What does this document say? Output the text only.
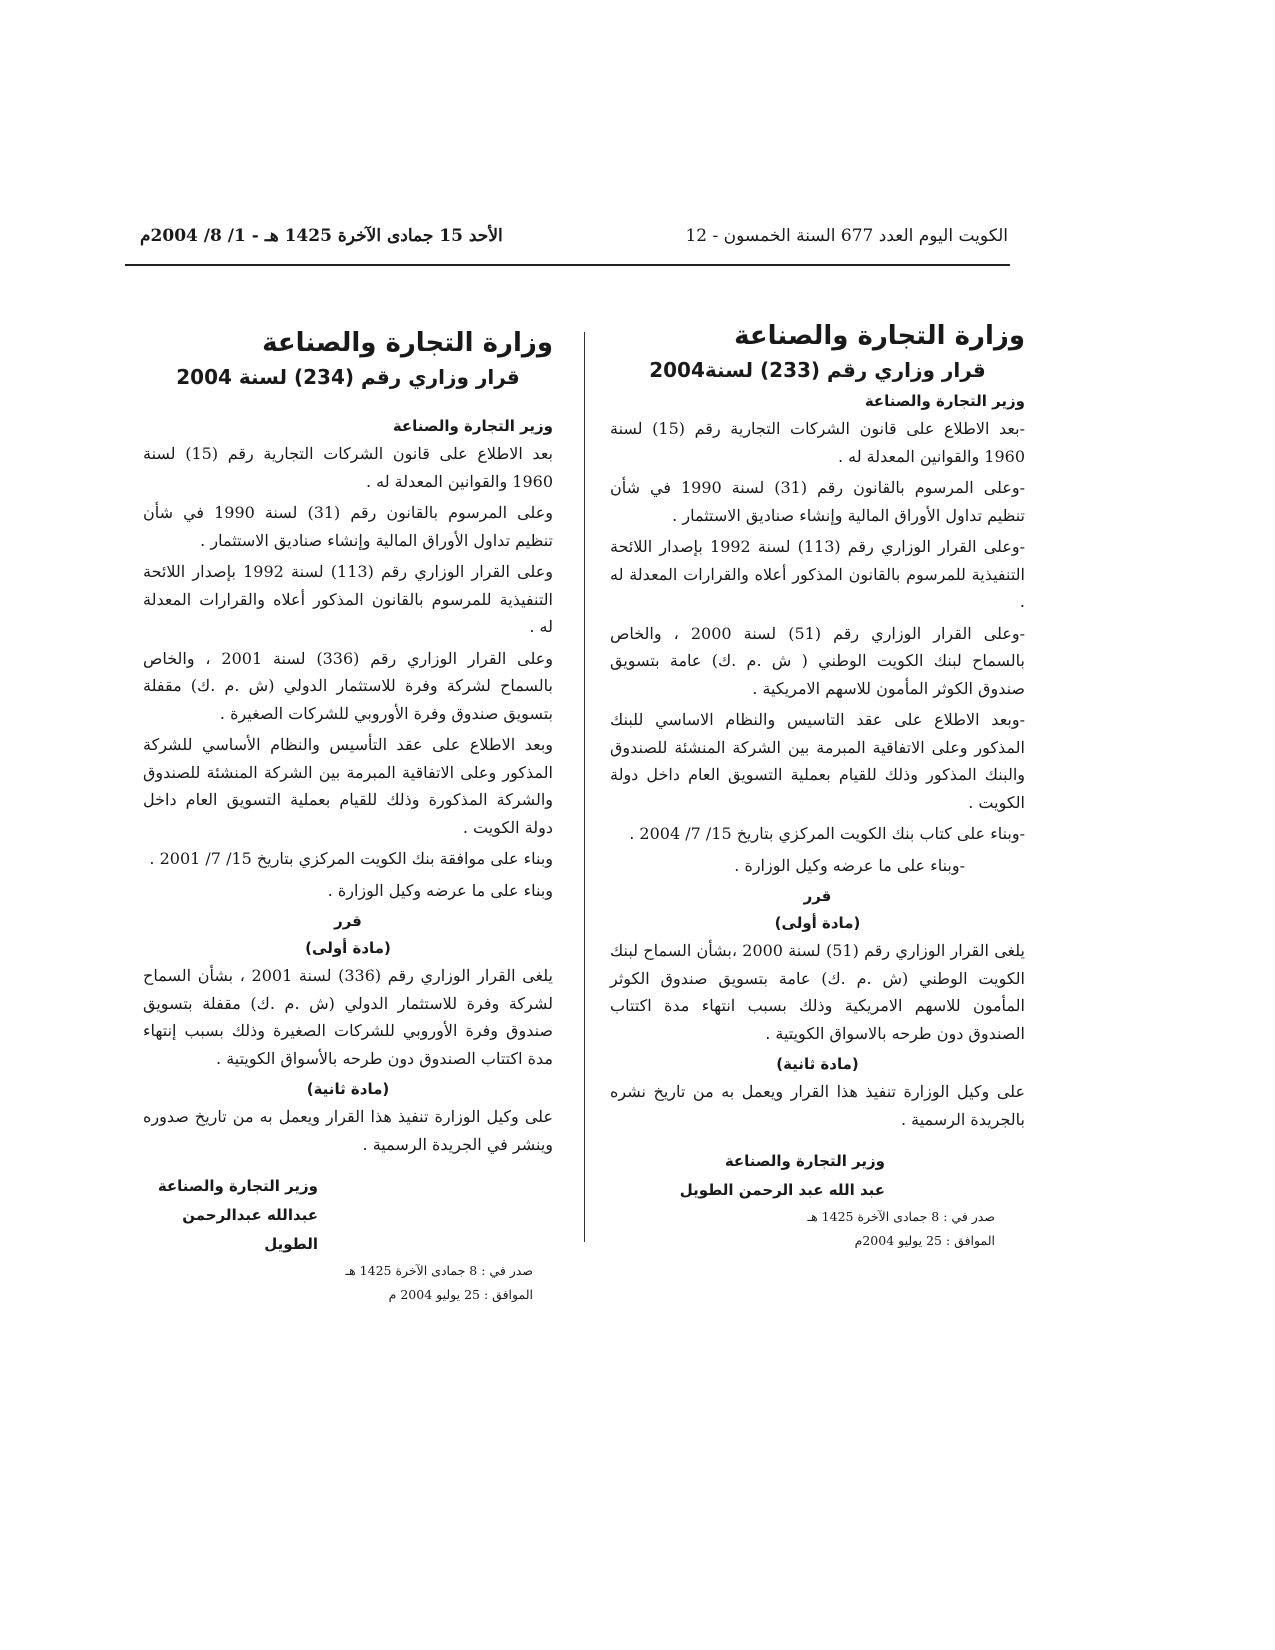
الكويت اليوم العدد 677 السنة الخمسون - 12
الأحد 15 جمادى الآخرة 1425 هـ - 1/ 8/ 2004م
وزارة التجارة والصناعة
قرار وزاري رقم (233) لسنة2004
وزير التجارة والصناعة

-بعد الاطلاع على قانون الشركات التجارية رقم (15) لسنة 1960 والقوانين المعدلة له .

-وعلى المرسوم بالقانون رقم (31) لسنة 1990 في شأن تنظيم تداول الأوراق المالية وإنشاء صناديق الاستثمار .

-وعلى القرار الوزاري رقم (113) لسنة 1992 بإصدار اللائحة التنفيذية للمرسوم بالقانون المذكور أعلاه والقرارات المعدلة له .

-وعلى القرار الوزاري رقم (51) لسنة 2000 ، والخاص بالسماح لبنك الكويت الوطني ( ش .م .ك) عامة بتسويق صندوق الكوثر المأمون للاسهم الامريكية .

-وبعد الاطلاع على عقد التاسيس والنظام الاساسي للبنك المذكور وعلى الاتفاقية المبرمة بين الشركة المنشئة للصندوق والبنك المذكور وذلك للقيام بعملية التسويق العام داخل دولة الكويت .

-وبناء على كتاب بنك الكويت المركزي بتاريخ 15/ 7/ 2004 .

-وبناء على ما عرضه وكيل الوزارة .

قرر
(مادة أولى)

يلغى القرار الوزاري رقم (51) لسنة 2000 ،بشأن السماح لبنك الكويت الوطني (ش .م .ك) عامة بتسويق صندوق الكوثر المأمون للاسهم الامريكية وذلك بسبب انتهاء مدة اكتتاب الصندوق دون طرحه بالاسواق الكويتية .

(مادة ثانية)

على وكيل الوزارة تنفيذ هذا القرار ويعمل به من تاريخ نشره بالجريدة الرسمية .

وزير التجارة والصناعة
عبد الله عبد الرحمن الطويل
صدر في : 8 جمادى الآخرة 1425 هـ
الموافق : 25 يوليو 2004م
وزارة التجارة والصناعة
قرار وزاري رقم (234) لسنة 2004
وزير التجارة والصناعة

بعد الاطلاع على قانون الشركات التجارية رقم (15) لسنة 1960 والقوانين المعدلة له .

وعلى المرسوم بالقانون رقم (31) لسنة 1990 في شأن تنظيم تداول الأوراق المالية وإنشاء صناديق الاستثمار .

وعلى القرار الوزاري رقم (113) لسنة 1992 بإصدار اللائحة التنفيذية للمرسوم بالقانون المذكور أعلاه والقرارات المعدلة له .

وعلى القرار الوزاري رقم (336) لسنة 2001 ، والخاص بالسماح لشركة وفرة للاستثمار الدولي (ش .م .ك) مقفلة بتسويق صندوق وفرة الأوروبي للشركات الصغيرة .

وبعد الاطلاع على عقد التأسيس والنظام الأساسي للشركة المذكور وعلى الاتفاقية المبرمة بين الشركة المنشئة للصندوق والشركة المذكورة وذلك للقيام بعملية التسويق العام داخل دولة الكويت .

وبناء على موافقة بنك الكويت المركزي بتاريخ 15/ 7/ 2001 .

وبناء على ما عرضه وكيل الوزارة .

قرر
(مادة أولى)

يلغى القرار الوزاري رقم (336) لسنة 2001 ، بشأن السماح لشركة وفرة للاستثمار الدولي (ش .م .ك) مقفلة بتسويق صندوق وفرة الأوروبي للشركات الصغيرة وذلك بسبب إنتهاء مدة اكتتاب الصندوق دون طرحه بالأسواق الكويتية .

(مادة ثانية)

على وكيل الوزارة تنفيذ هذا القرار ويعمل به من تاريخ صدوره وينشر في الجريدة الرسمية .

وزير التجارة والصناعة
عبدالله عبدالرحمن الطويل
صدر في : 8 جمادى الآخرة 1425 هـ
الموافق : 25 يوليو 2004 م
